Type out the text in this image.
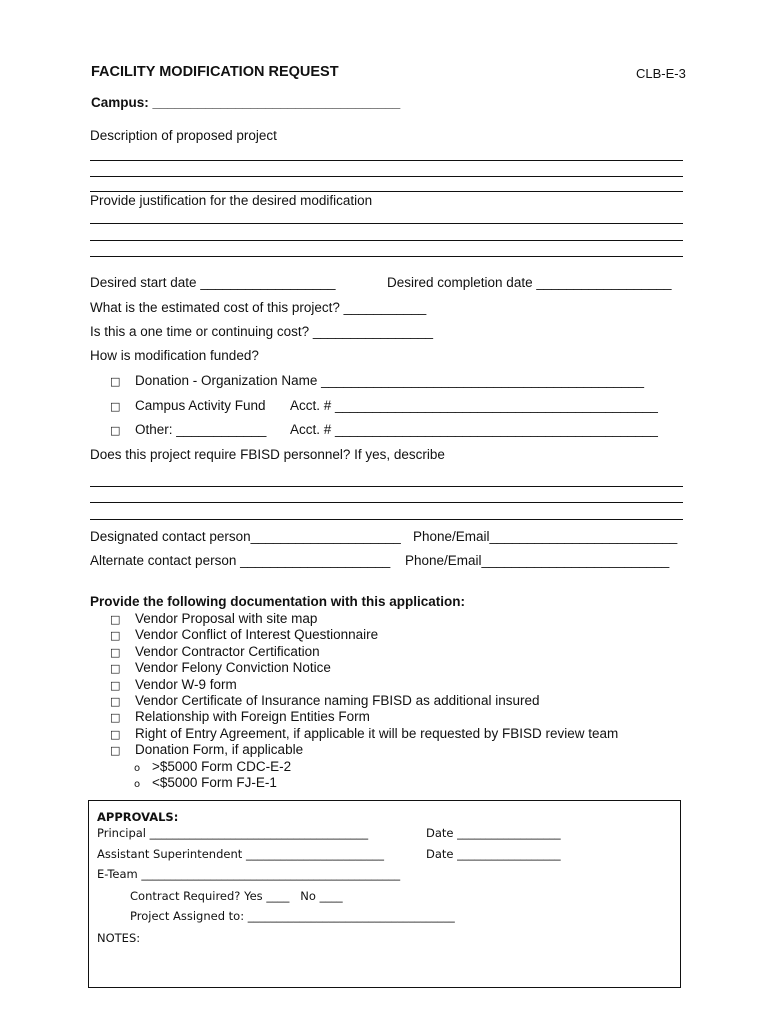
FACILITY MODIFICATION REQUEST	CLB-E-3
Campus: _________________________________
Description of proposed project
Provide justification for the desired modification
Desired start date __________________	Desired completion date __________________
What is the estimated cost of this project? ___________
Is this a one time or continuing cost? ________________
How is modification funded?
□ Donation - Organization Name ___________________________________________
□ Campus Activity Fund Acct. # ___________________________________________
□ Other: ____________ Acct. # ___________________________________________
Does this project require FBISD personnel? If yes, describe
Designated contact person____________________ Phone/Email_________________________
Alternate contact person ____________________ Phone/Email_________________________
Provide the following documentation with this application:
□ Vendor Proposal with site map
□ Vendor Conflict of Interest Questionnaire
□ Vendor Contractor Certification
□ Vendor Felony Conviction Notice
□ Vendor W-9 form
□ Vendor Certificate of Insurance naming FBISD as additional insured
□ Relationship with Foreign Entities Form
□ Right of Entry Agreement, if applicable it will be requested by FBISD review team
□ Donation Form, if applicable
o >$5000 Form CDC-E-2
o <$5000 Form FJ-E-1
APPROVALS:
Principal ______________________________________	Date __________________
Assistant Superintendent ________________________	Date __________________
E-Team _____________________________________________
Contract Required? Yes ____ No ____
Project Assigned to: ____________________________________
NOTES:
